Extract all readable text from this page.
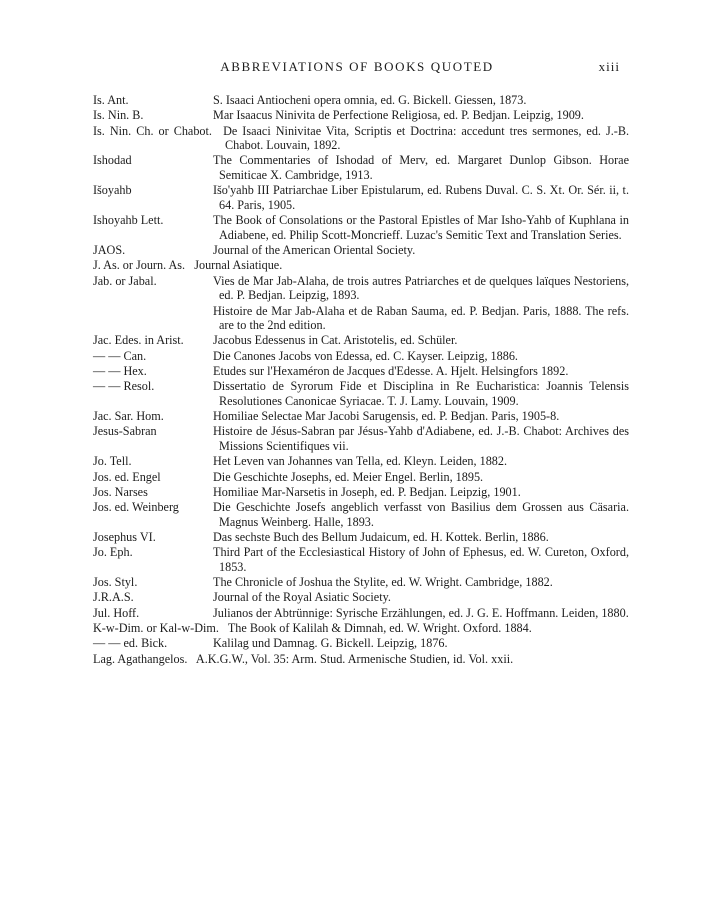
ABBREVIATIONS OF BOOKS QUOTED	xiii
Is. Ant.	S. Isaaci Antiocheni opera omnia, ed. G. Bickell. Giessen, 1873.
Is. Nin. B.	Mar Isaacus Ninivita de Perfectione Religiosa, ed. P. Bedjan. Leipzig, 1909.
Is. Nin. Ch. or Chabot.  De Isaaci Ninivitae Vita, Scriptis et Doctrina: accedunt tres sermones, ed. J.-B. Chabot. Louvain, 1892.
Ishodad	The Commentaries of Ishodad of Merv, ed. Margaret Dunlop Gibson. Horae Semiticae X. Cambridge, 1913.
Išoyahb	Išo'yahb III Patriarchae Liber Epistularum, ed. Rubens Duval. C. S. Xt. Or. Sér. ii, t. 64. Paris, 1905.
Ishoyahb Lett.	The Book of Consolations or the Pastoral Epistles of Mar Isho-Yahb of Kuphlana in Adiabene, ed. Philip Scott-Moncrieff. Luzac's Semitic Text and Translation Series.
JAOS.	Journal of the American Oriental Society.
J. As. or Journ. As.  Journal Asiatique.
Jab. or Jabal.	Vies de Mar Jab-Alaha, de trois autres Patriarches et de quelques laïques Nestoriens, ed. P. Bedjan. Leipzig, 1893.
Histoire de Mar Jab-Alaha et de Raban Sauma, ed. P. Bedjan. Paris, 1888. The refs. are to the 2nd edition.
Jac. Edes. in Arist.	Jacobus Edessenus in Cat. Aristotelis, ed. Schüler.
— — Can.	Die Canones Jacobs von Edessa, ed. C. Kayser. Leipzig, 1886.
— — Hex.	Etudes sur l'Hexaméron de Jacques d'Edesse. A. Hjelt. Helsingfors 1892.
— — Resol.	Dissertatio de Syrorum Fide et Disciplina in Re Eucharistica: Joannis Telensis Resolutiones Canonicae Syriacae. T. J. Lamy. Louvain, 1909.
Jac. Sar. Hom.	Homiliae Selectae Mar Jacobi Sarugensis, ed. P. Bedjan. Paris, 1905-8.
Jesus-Sabran	Histoire de Jésus-Sabran par Jésus-Yahb d'Adiabene, ed. J.-B. Chabot: Archives des Missions Scientifiques vii.
Jo. Tell.	Het Leven van Johannes van Tella, ed. Kleyn. Leiden, 1882.
Jos. ed. Engel	Die Geschichte Josephs, ed. Meier Engel. Berlin, 1895.
Jos. Narses	Homiliae Mar-Narsetis in Joseph, ed. P. Bedjan. Leipzig, 1901.
Jos. ed. Weinberg	Die Geschichte Josefs angeblich verfasst von Basilius dem Grossen aus Cäsaria. Magnus Weinberg. Halle, 1893.
Josephus VI.	Das sechste Buch des Bellum Judaicum, ed. H. Kottek. Berlin, 1886.
Jo. Eph.	Third Part of the Ecclesiastical History of John of Ephesus, ed. W. Cureton, Oxford, 1853.
Jos. Styl.	The Chronicle of Joshua the Stylite, ed. W. Wright. Cambridge, 1882.
J.R.A.S.	Journal of the Royal Asiatic Society.
Jul. Hoff.	Julianos der Abtrünnige: Syrische Erzählungen, ed. J. G. E. Hoffmann. Leiden, 1880.
K-w-Dim. or Kal-w-Dim.  The Book of Kalilah & Dimnah, ed. W. Wright. Oxford. 1884.
— — ed. Bick.	Kalilag und Damnag. G. Bickell. Leipzig, 1876.
Lag. Agathangelos.  A.K.G.W., Vol. 35: Arm. Stud. Armenische Studien, id. Vol. xxii.
